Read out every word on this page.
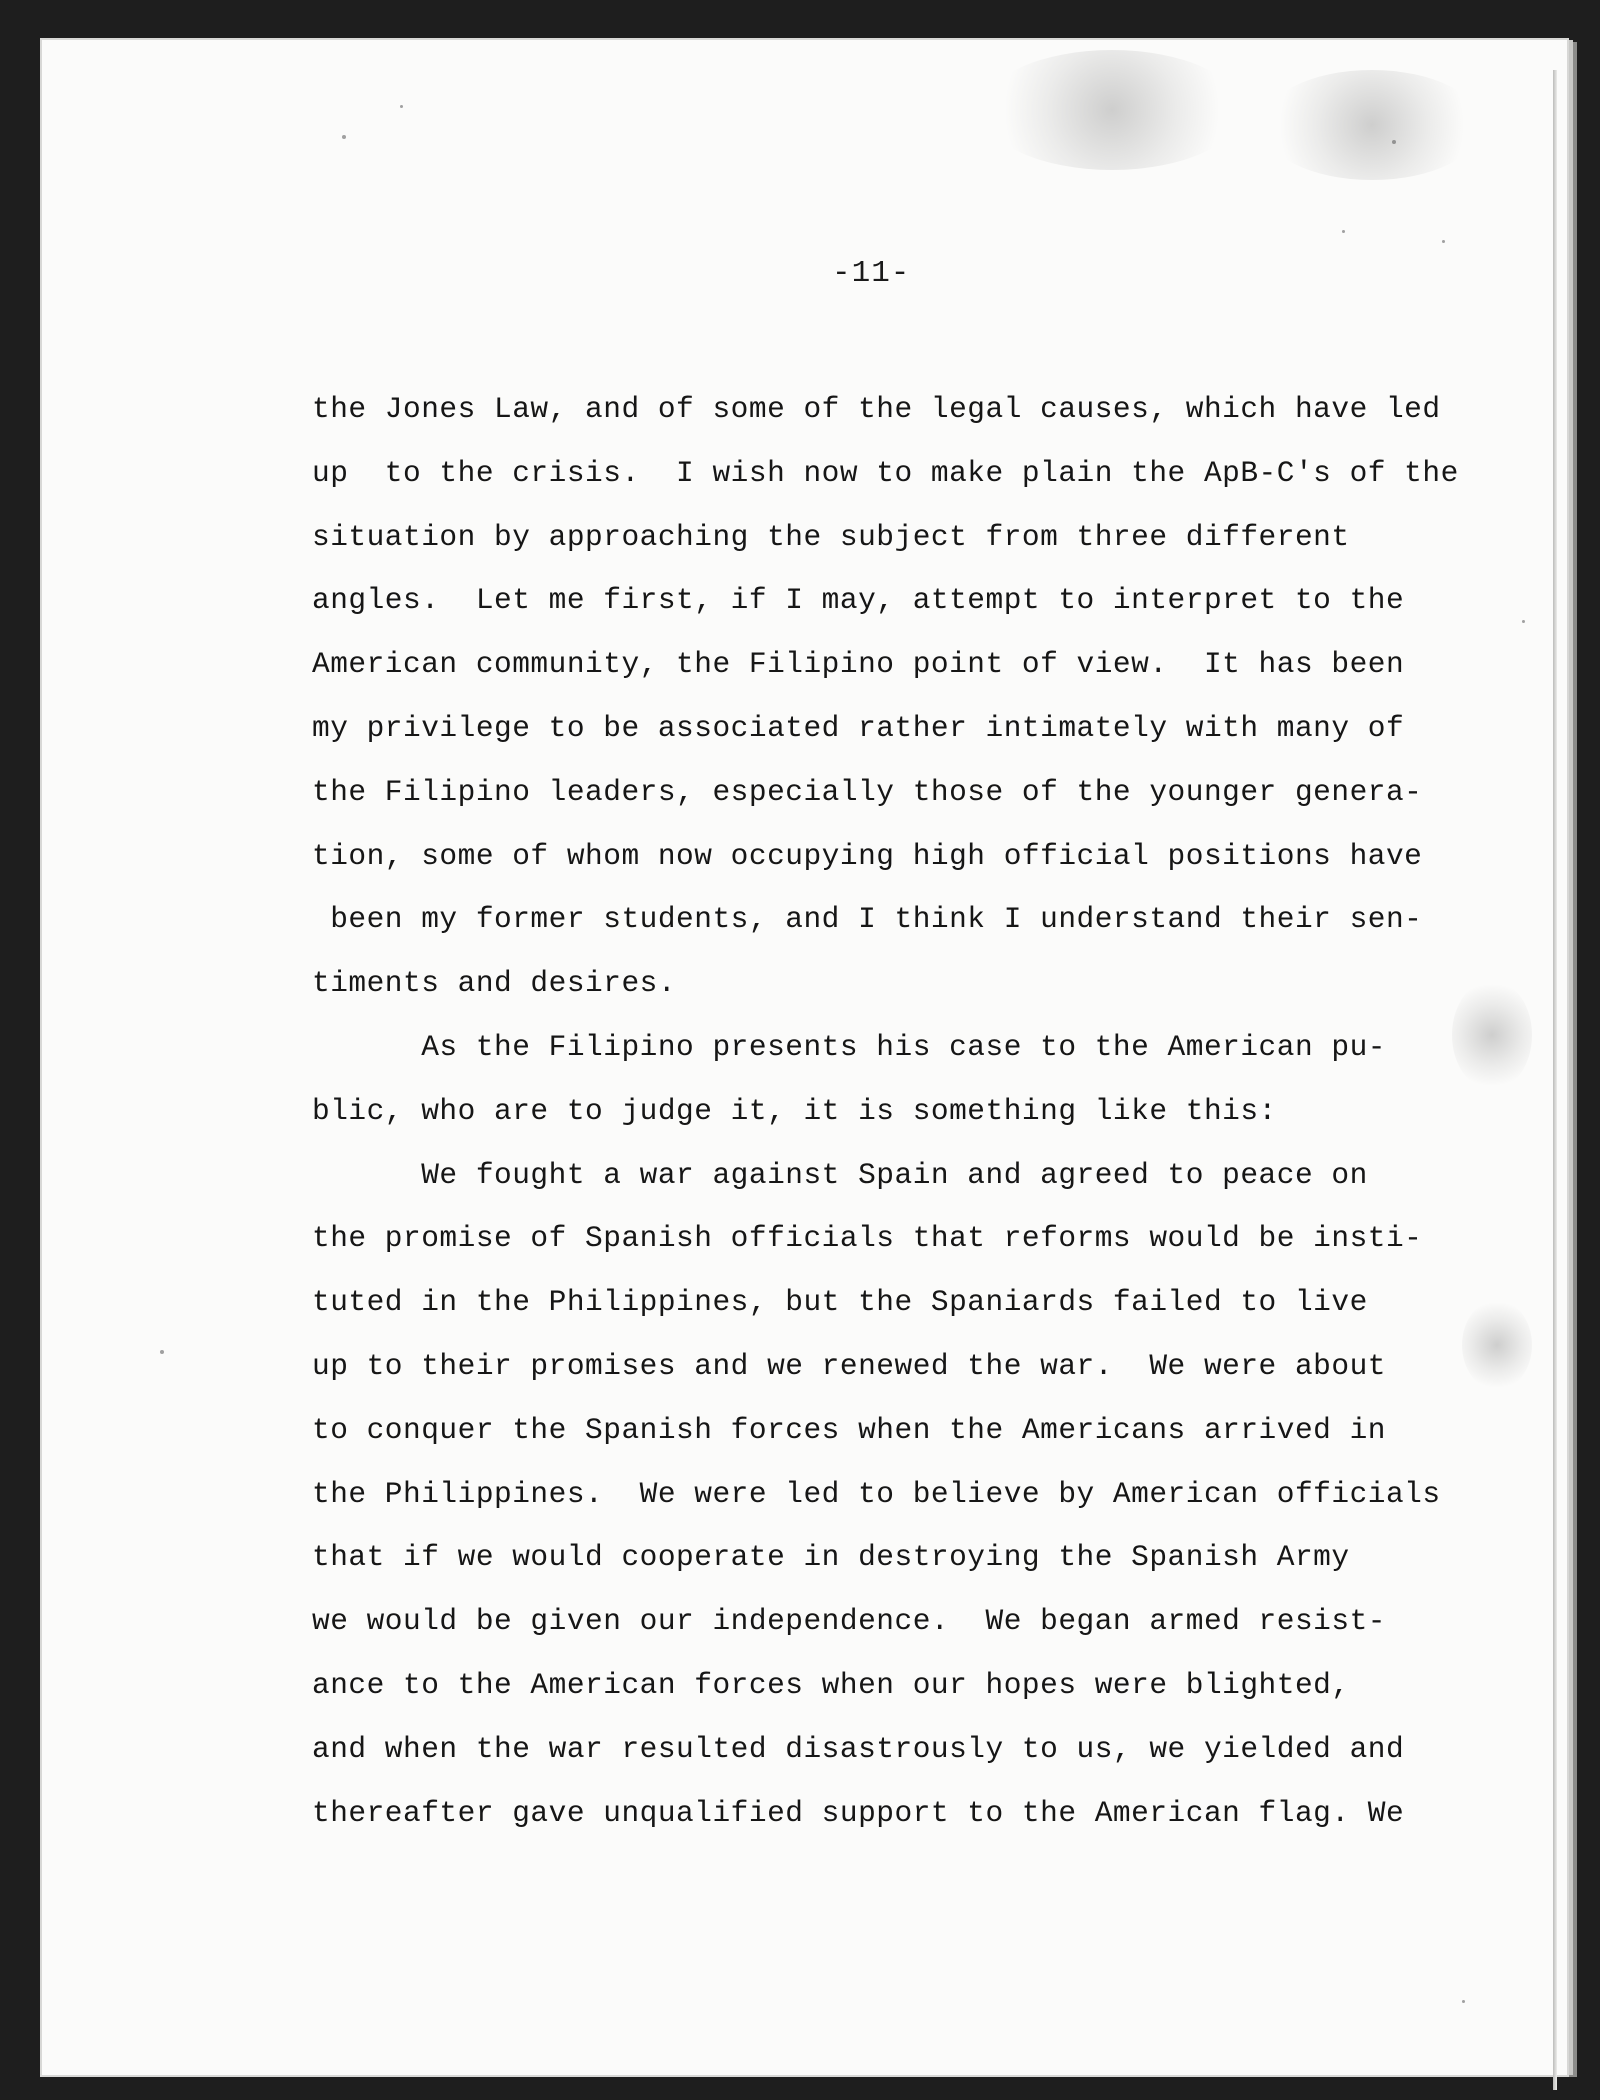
-11-
the Jones Law, and of some of the legal causes, which have led
up  to the crisis.  I wish now to make plain the ApB-C's of the
situation by approaching the subject from three different
angles.  Let me first, if I may, attempt to interpret to the
American community, the Filipino point of view.  It has been
my privilege to be associated rather intimately with many of
the Filipino leaders, especially those of the younger genera-
tion, some of whom now occupying high official positions have
been my former students, and I think I understand their sen-
timents and desires.
As the Filipino presents his case to the American pu-
blic, who are to judge it, it is something like this:
We fought a war against Spain and agreed to peace on
the promise of Spanish officials that reforms would be insti-
tuted in the Philippines, but the Spaniards failed to live
up to their promises and we renewed the war.  We were about
to conquer the Spanish forces when the Americans arrived in
the Philippines.  We were led to believe by American officials
that if we would cooperate in destroying the Spanish Army
we would be given our independence.  We began armed resist-
ance to the American forces when our hopes were blighted,
and when the war resulted disastrously to us, we yielded and
thereafter gave unqualified support to the American flag. We
